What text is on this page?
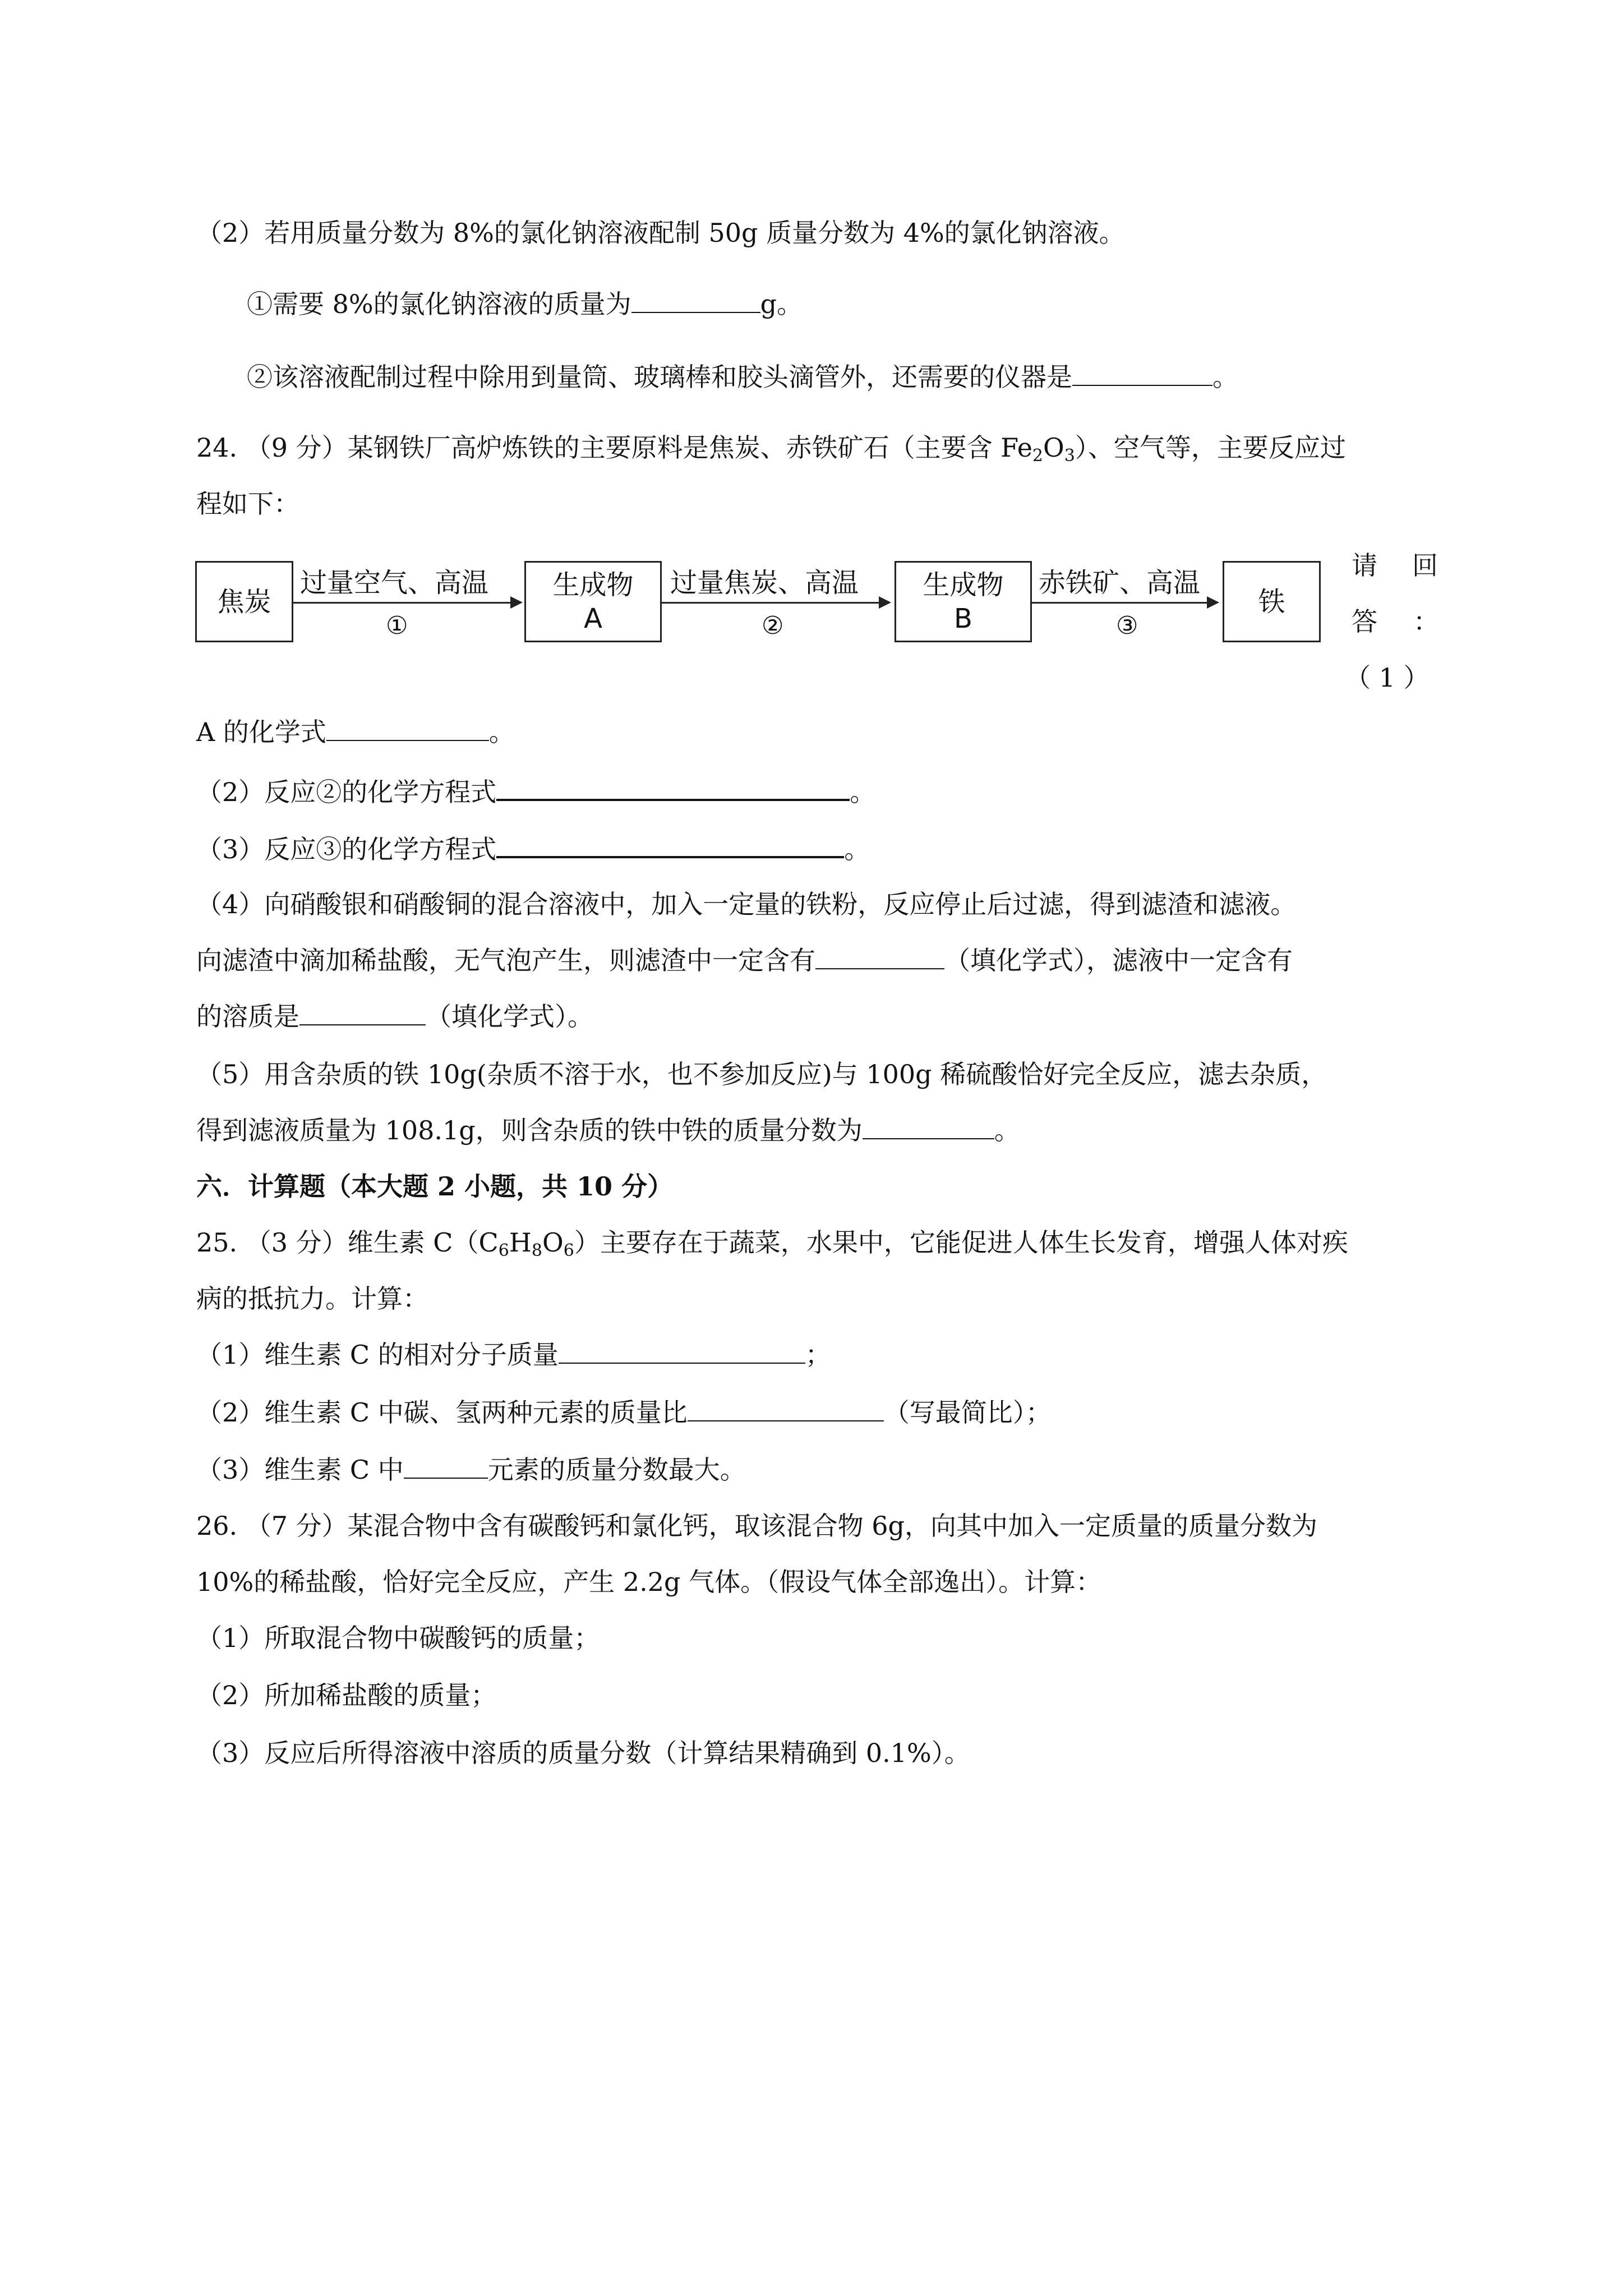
（2）若用质量分数为 8%的氯化钠溶液配制 50g 质量分数为 4%的氯化钠溶液。
①需要 8%的氯化钠溶液的质量为	g。
②该溶液配制过程中除用到量筒、玻璃棒和胶头滴管外，还需要的仪器是	。
24. （9 分）某钢铁厂高炉炼铁的主要原料是焦炭、赤铁矿石（主要含 $Fe_2O_3$）、空气等，主要反应过
程如下：
焦炭
过量空气、高温
①
生成物
A
过量焦炭、高温
②
生成物
B
赤铁矿、高温
③
铁
请 回
答 ：
（ 1 ）
A 的化学式	。
（2）反应②的化学方程式	。
（3）反应③的化学方程式	。
（4）向硝酸银和硝酸铜的混合溶液中，加入一定量的铁粉，反应停止后过滤，得到滤渣和滤液。
向滤渣中滴加稀盐酸，无气泡产生，则滤渣中一定含有	（填化学式），滤液中一定含有
的溶质是	（填化学式）。
（5）用含杂质的铁 10g(杂质不溶于水，也不参加反应)与 100g 稀硫酸恰好完全反应，滤去杂质，
得到滤液质量为 108.1g，则含杂质的铁中铁的质量分数为	。
六．计算题（本大题 2 小题，共 10 分）
25. （3 分）维生素 $C(C_6H_8O_6)$主要存在于蔬菜，水果中，它能促进人体生长发育，增强人体对疾
病的抵抗力。计算：
（1）维生素 C 的相对分子质量	；
（2）维生素 C 中碳、氢两种元素的质量比	（写最简比）；
（3）维生素 C 中	元素的质量分数最大。
26. （7 分）某混合物中含有碳酸钙和氯化钙，取该混合物 6g，向其中加入一定质量的质量分数为
10%的稀盐酸，恰好完全反应，产生 2.2g 气体。（假设气体全部逸出）。计算：
（1）所取混合物中碳酸钙的质量；
（2）所加稀盐酸的质量；
（3）反应后所得溶液中溶质的质量分数（计算结果精确到 0.1%）。
